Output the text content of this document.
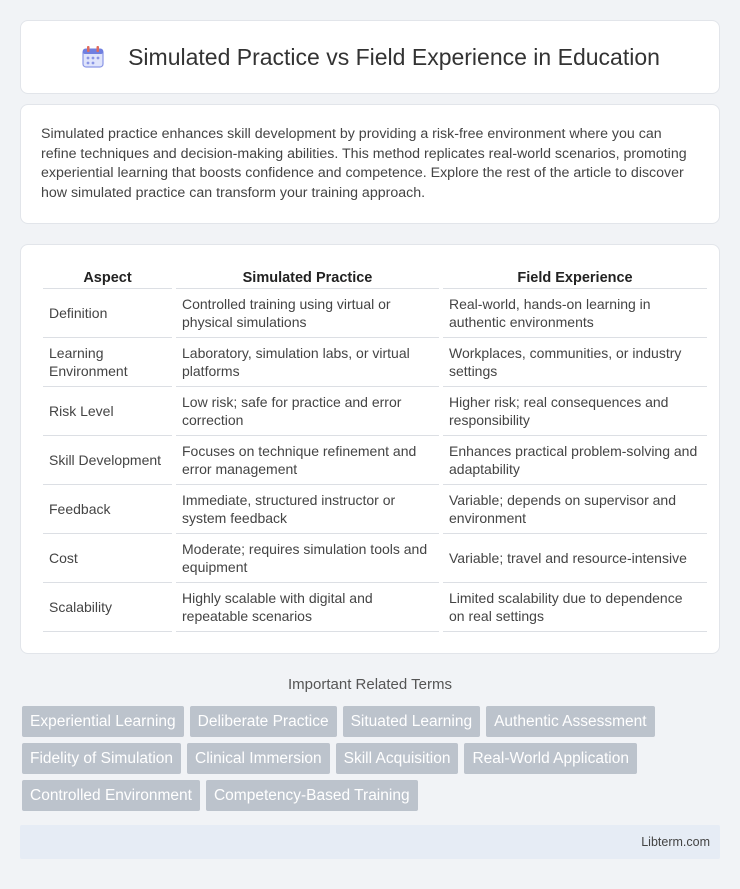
Simulated Practice vs Field Experience in Education

Simulated practice enhances skill development by providing a risk-free environment where you can refine techniques and decision-making abilities. This method replicates real-world scenarios, promoting experiential learning that boosts confidence and competence. Explore the rest of the article to discover how simulated practice can transform your training approach.

Aspect	Simulated Practice	Field Experience
Definition	Controlled training using virtual or physical simulations	Real-world, hands-on learning in authentic environments
Learning Environment	Laboratory, simulation labs, or virtual platforms	Workplaces, communities, or industry settings
Risk Level	Low risk; safe for practice and error correction	Higher risk; real consequences and responsibility
Skill Development	Focuses on technique refinement and error management	Enhances practical problem-solving and adaptability
Feedback	Immediate, structured instructor or system feedback	Variable; depends on supervisor and environment
Cost	Moderate; requires simulation tools and equipment	Variable; travel and resource-intensive
Scalability	Highly scalable with digital and repeatable scenarios	Limited scalability due to dependence on real settings
Important Related Terms
Experiential Learning	Deliberate Practice	Situated Learning	Authentic Assessment
Fidelity of Simulation	Clinical Immersion	Skill Acquisition	Real-World Application
Controlled Environment	Competency-Based Training
Libterm.com
